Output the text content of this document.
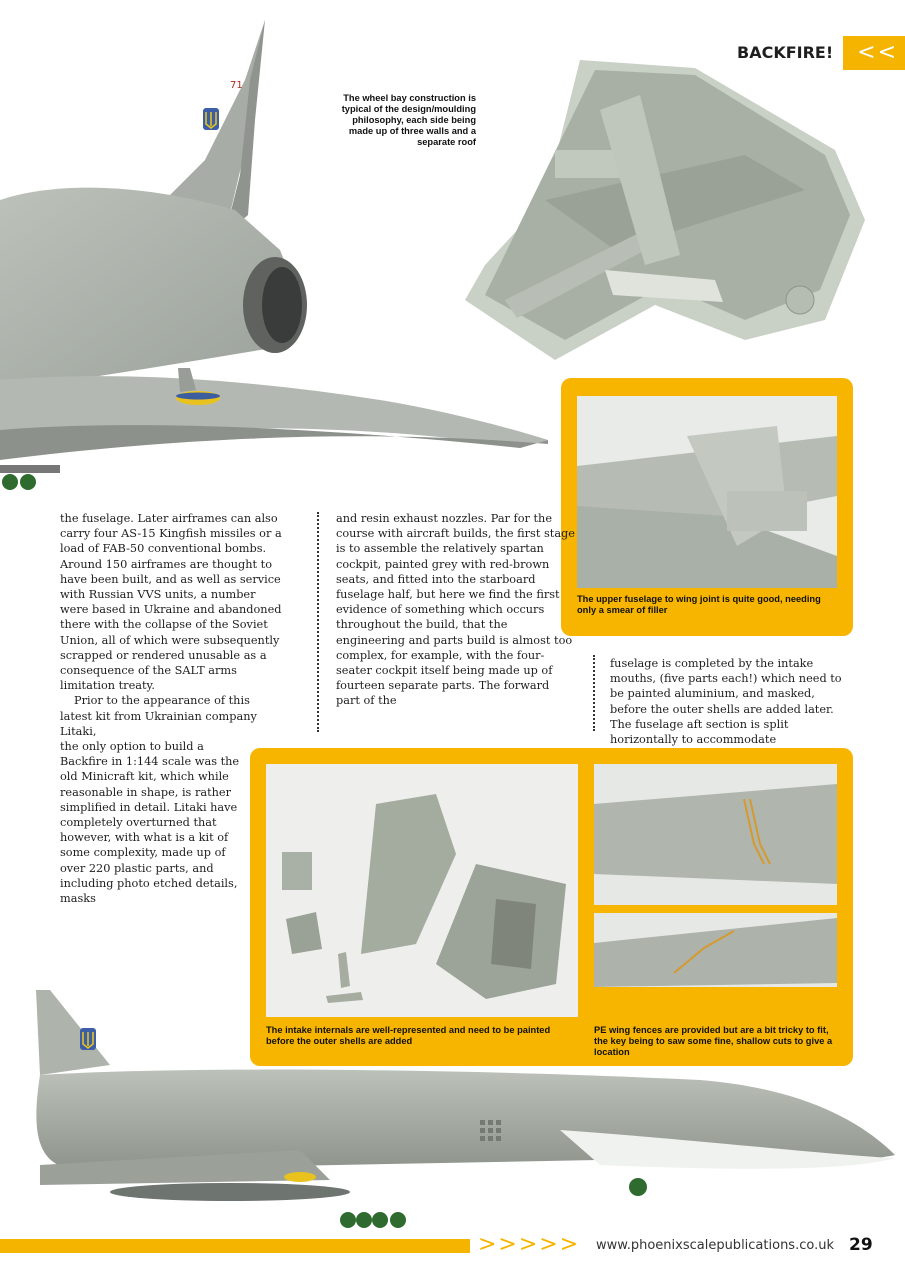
71
BACKFIRE!	<<
The wheel bay construction is typical of the design/moulding philosophy, each side being made up of three walls and a separate roof
The upper fuselage to wing joint is quite good, needing only a smear of filler

the fuselage. Later airframes can also carry four AS-15 Kingfish missiles or a load of FAB-50 conventional bombs. Around 150 airframes are thought to have been built, and as well as service with Russian VVS units, a number were based in Ukraine and abandoned there with the collapse of the Soviet Union, all of which were subsequently scrapped or rendered unusable as a consequence of the SALT arms limitation treaty.

Prior to the appearance of this latest kit from Ukrainian company Litaki,

and resin exhaust nozzles. Par for the course with aircraft builds, the first stage is to assemble the relatively spartan cockpit, painted grey with red-brown seats, and fitted into the starboard fuselage half, but here we find the first evidence of something which occurs throughout the build, that the engineering and parts build is almost too complex, for example, with the four-seater cockpit itself being made up of fourteen separate parts. The forward part of the
fuselage is completed by the intake mouths, (five parts each!) which need to be painted aluminium, and masked, before the outer shells are added later. The fuselage aft section is split horizontally to accommodate
the only option to build a Backfire in 1:144 scale was the old Minicraft kit, which while reasonable in shape, is rather simplified in detail. Litaki have completely overturned that however, with what is a kit of some complexity, made up of over 220 plastic parts, and including photo etched details, masks
The intake internals are well-represented and need to be painted before the outer shells are added
PE wing fences are provided but are a bit tricky to fit, the key being to saw some fine, shallow cuts to give a location
>>>>> www.phoenixscalepublications.co.uk 29
